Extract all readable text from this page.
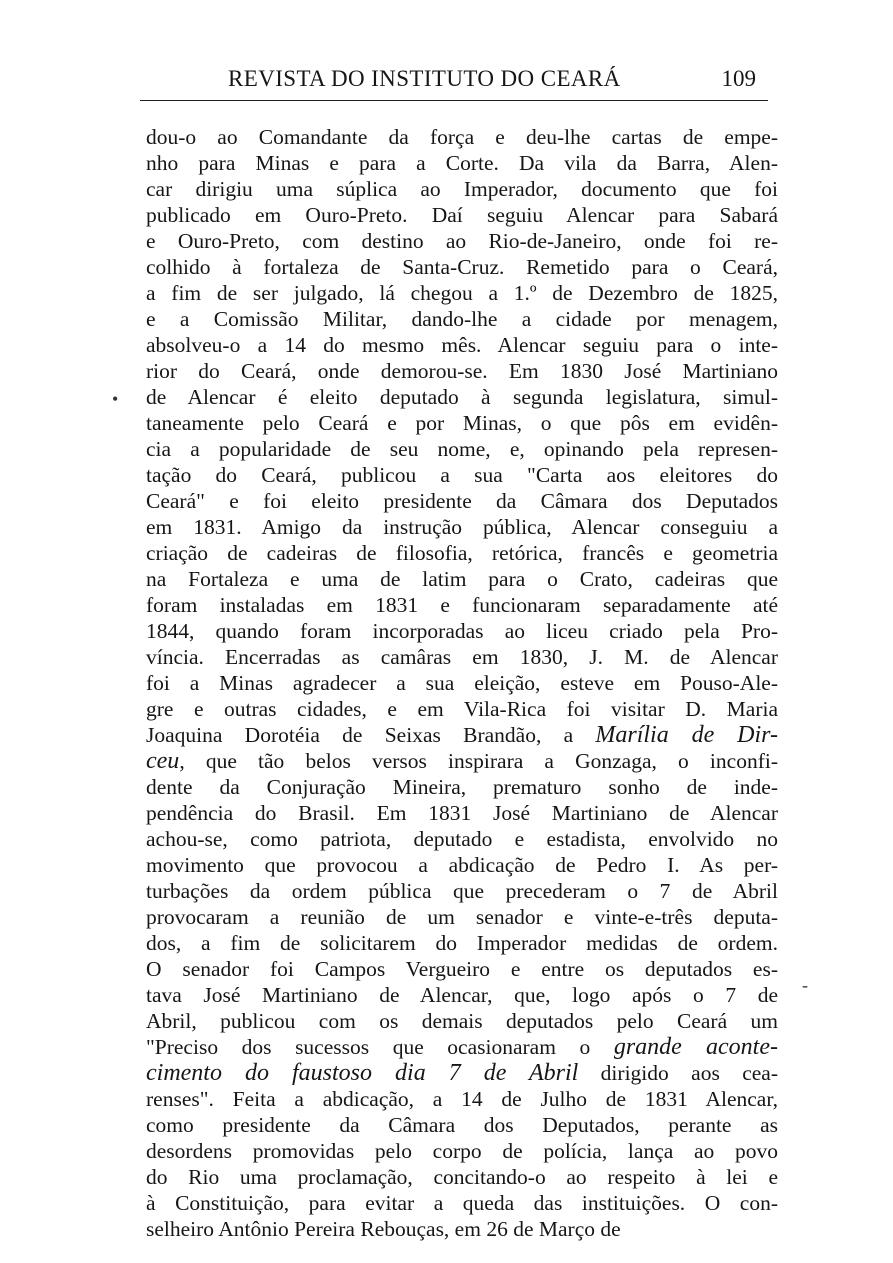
REVISTA DO INSTITUTO DO CEARÁ	109
dou-o ao Comandante da força e deu-lhe cartas de empe-
nho para Minas e para a Corte. Da vila da Barra, Alen-
car dirigiu uma súplica ao Imperador, documento que foi
publicado em Ouro-Preto. Daí seguiu Alencar para Sabará
e Ouro-Preto, com destino ao Rio-de-Janeiro, onde foi re-
colhido à fortaleza de Santa-Cruz. Remetido para o Ceará,
a fim de ser julgado, lá chegou a 1.º de Dezembro de 1825,
e a Comissão Militar, dando-lhe a cidade por menagem,
absolveu-o a 14 do mesmo mês. Alencar seguiu para o inte-
rior do Ceará, onde demorou-se. Em 1830 José Martiniano
de Alencar é eleito deputado à segunda legislatura, simul-
taneamente pelo Ceará e por Minas, o que pôs em evidên-
cia a popularidade de seu nome, e, opinando pela represen-
tação do Ceará, publicou a sua "Carta aos eleitores do
Ceará" e foi eleito presidente da Câmara dos Deputados
em 1831. Amigo da instrução pública, Alencar conseguiu a
criação de cadeiras de filosofia, retórica, francês e geometria
na Fortaleza e uma de latim para o Crato, cadeiras que
foram instaladas em 1831 e funcionaram separadamente até
1844, quando foram incorporadas ao liceu criado pela Pro-
víncia. Encerradas as camâras em 1830, J. M. de Alencar
foi a Minas agradecer a sua eleição, esteve em Pouso-Ale-
gre e outras cidades, e em Vila-Rica foi visitar D. Maria
Joaquina Dorotéia de Seixas Brandão, a Marília de Dir-
ceu, que tão belos versos inspirara a Gonzaga, o inconfi-
dente da Conjuração Mineira, prematuro sonho de inde-
pendência do Brasil. Em 1831 José Martiniano de Alencar
achou-se, como patriota, deputado e estadista, envolvido no
movimento que provocou a abdicação de Pedro I. As per-
turbações da ordem pública que precederam o 7 de Abril
provocaram a reunião de um senador e vinte-e-três deputa-
dos, a fim de solicitarem do Imperador medidas de ordem.
O senador foi Campos Vergueiro e entre os deputados es-
tava José Martiniano de Alencar, que, logo após o 7 de
Abril, publicou com os demais deputados pelo Ceará um
"Preciso dos sucessos que ocasionaram o grande aconte-
cimento do faustoso dia 7 de Abril dirigido aos cea-
renses". Feita a abdicação, a 14 de Julho de 1831 Alencar,
como presidente da Câmara dos Deputados, perante as
desordens promovidas pelo corpo de polícia, lança ao povo
do Rio uma proclamação, concitando-o ao respeito à lei e
à Constituição, para evitar a queda das instituições. O con-
selheiro Antônio Pereira Rebouças, em 26 de Março de
•
-
